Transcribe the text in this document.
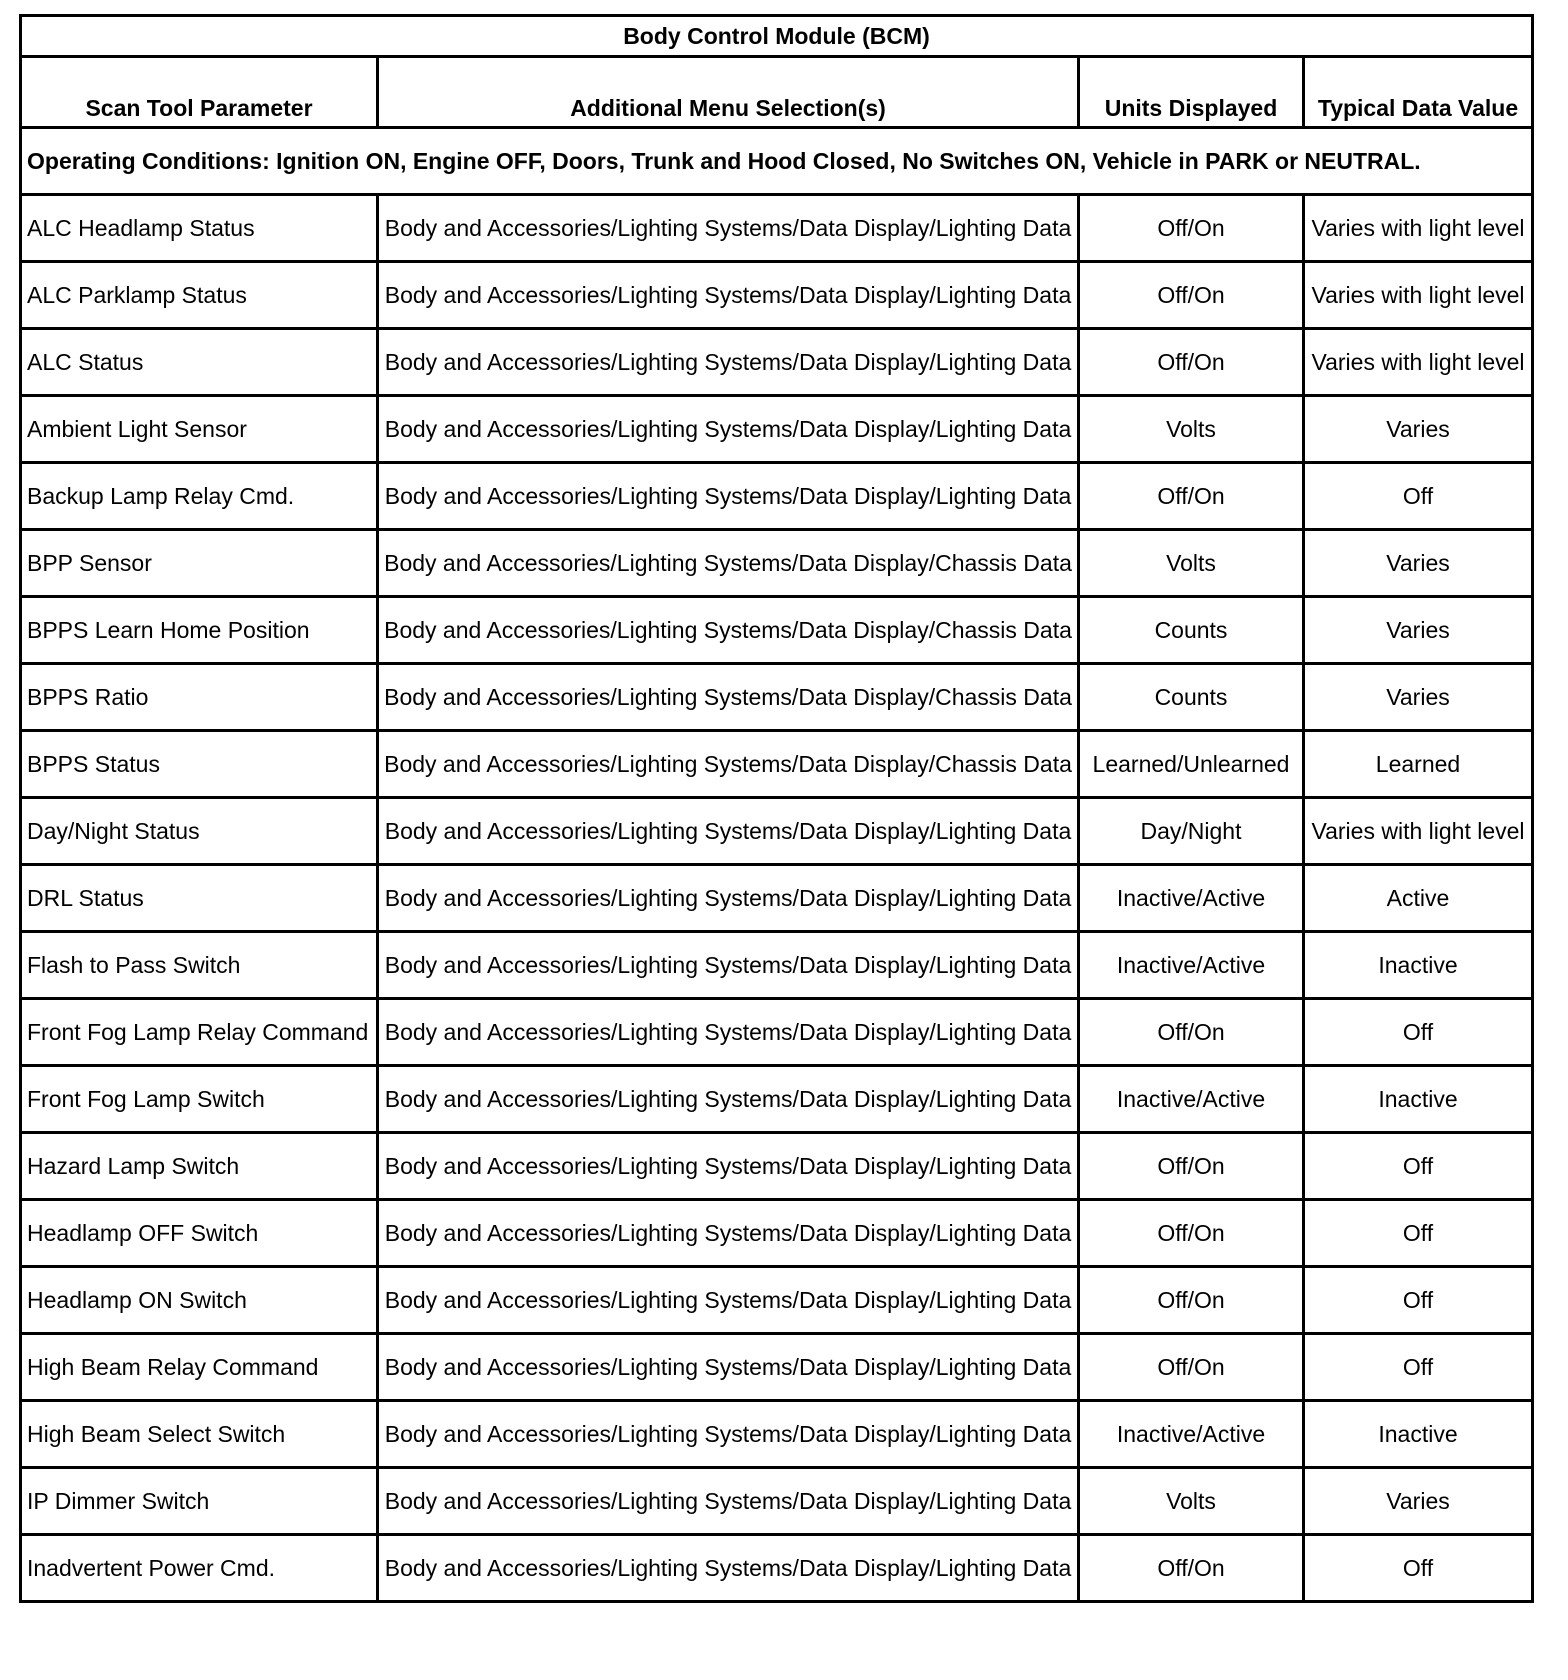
Body Control Module (BCM)			
Scan Tool Parameter	Additional Menu Selection(s)	Units Displayed	Typical Data Value
Operating Conditions: Ignition ON, Engine OFF, Doors, Trunk and Hood Closed, No Switches ON, Vehicle in PARK or NEUTRAL.			
ALC Headlamp Status	Body and Accessories/Lighting Systems/Data Display/Lighting Data	Off/On	Varies with light level
ALC Parklamp Status	Body and Accessories/Lighting Systems/Data Display/Lighting Data	Off/On	Varies with light level
ALC Status	Body and Accessories/Lighting Systems/Data Display/Lighting Data	Off/On	Varies with light level
Ambient Light Sensor	Body and Accessories/Lighting Systems/Data Display/Lighting Data	Volts	Varies
Backup Lamp Relay Cmd.	Body and Accessories/Lighting Systems/Data Display/Lighting Data	Off/On	Off
BPP Sensor	Body and Accessories/Lighting Systems/Data Display/Chassis Data	Volts	Varies
BPPS Learn Home Position	Body and Accessories/Lighting Systems/Data Display/Chassis Data	Counts	Varies
BPPS Ratio	Body and Accessories/Lighting Systems/Data Display/Chassis Data	Counts	Varies
BPPS Status	Body and Accessories/Lighting Systems/Data Display/Chassis Data	Learned/Unlearned	Learned
Day/Night Status	Body and Accessories/Lighting Systems/Data Display/Lighting Data	Day/Night	Varies with light level
DRL Status	Body and Accessories/Lighting Systems/Data Display/Lighting Data	Inactive/Active	Active
Flash to Pass Switch	Body and Accessories/Lighting Systems/Data Display/Lighting Data	Inactive/Active	Inactive
Front Fog Lamp Relay Command	Body and Accessories/Lighting Systems/Data Display/Lighting Data	Off/On	Off
Front Fog Lamp Switch	Body and Accessories/Lighting Systems/Data Display/Lighting Data	Inactive/Active	Inactive
Hazard Lamp Switch	Body and Accessories/Lighting Systems/Data Display/Lighting Data	Off/On	Off
Headlamp OFF Switch	Body and Accessories/Lighting Systems/Data Display/Lighting Data	Off/On	Off
Headlamp ON Switch	Body and Accessories/Lighting Systems/Data Display/Lighting Data	Off/On	Off
High Beam Relay Command	Body and Accessories/Lighting Systems/Data Display/Lighting Data	Off/On	Off
High Beam Select Switch	Body and Accessories/Lighting Systems/Data Display/Lighting Data	Inactive/Active	Inactive
IP Dimmer Switch	Body and Accessories/Lighting Systems/Data Display/Lighting Data	Volts	Varies
Inadvertent Power Cmd.	Body and Accessories/Lighting Systems/Data Display/Lighting Data	Off/On	Off
